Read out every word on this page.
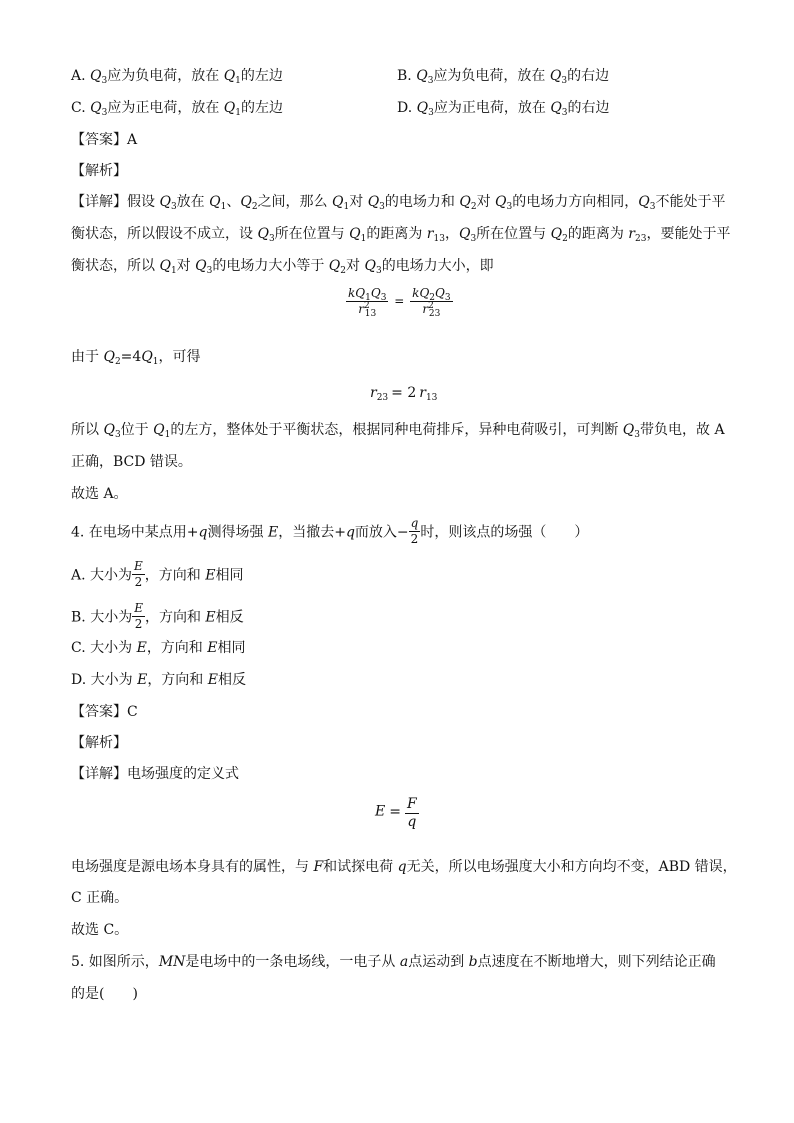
A. $Q_3$应为负电荷，放在 $Q_1$的左边	B. $Q_3$应为负电荷，放在 $Q_3$的右边
C. $Q_3$应为正电荷，放在 $Q_1$的左边	D. $Q_3$应为正电荷，放在 $Q_3$的右边
【答案】A
【解析】
【详解】假设 $Q_3$放在 $Q_1$、$Q_2$之间，那么 $Q_1$对 $Q_3$的电场力和 $Q_2$对 $Q_3$的电场力方向相同，$Q_3$不能处于平
衡状态，所以假设不成立，设 $Q_3$所在位置与 $Q_1$的距离为 $r_{13}$，$Q_3$所在位置与 $Q_2$的距离为 $r_{23}$，要能处于平
衡状态，所以 $Q_1$对 $Q_3$的电场力大小等于 $Q_2$对 $Q_3$的电场力大小，即
$\frac{kQ_1Q_3}{r^2_{13}} = \frac{kQ_2Q_3}{r^2_{23}}$
由于 $Q_2=4Q_1$，可得
$r_{23} = 2$ $r_{13}$
所以 $Q_3$位于 $Q_1$的左方，整体处于平衡状态，根据同种电荷排斥，异种电荷吸引，可判断 $Q_3$带负电，故 A
正确，BCD 错误。
故选 A。
4. 在电场中某点用+q测得场强 E，当撤去+q而放入− $\frac{q}{2}$ 时，则该点的场强（　　）
A. 大小为 $\frac{E}{2}$ ，方向和 E相同
B. 大小为 $\frac{E}{2}$ ，方向和 E相反
C. 大小为 E，方向和 E相同
D. 大小为 E，方向和 E相反
【答案】C
【解析】
【详解】电场强度的定义式
$E = \frac{F}{q}$
电场强度是源电场本身具有的属性，与 F和试探电荷 q无关，所以电场强度大小和方向均不变，ABD 错误，
C 正确。
故选 C。
5. 如图所示，MN是电场中的一条电场线，一电子从 a点运动到 b点速度在不断地增大，则下列结论正确
的是(　　)
